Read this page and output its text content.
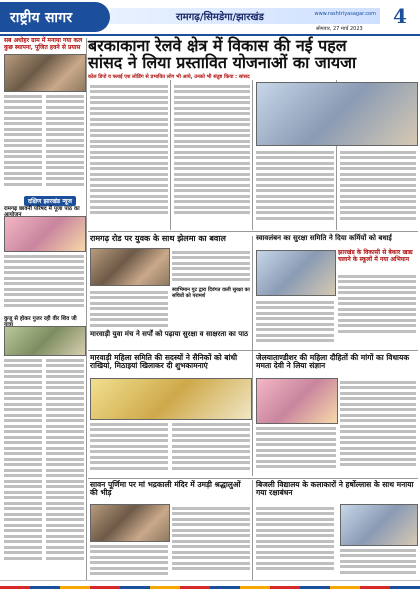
राष्ट्रीय सागर	रामगढ़/सिमडेगा/झारखंड	www.rashtriyasagar.com
सोमवार, 27 मार्च 2023
4
बरकाकाना रेलवे क्षेत्र में विकास की नई पहल
सांसद ने लिया प्रस्तावित योजनाओं का जायजा
कोल डिपो व फ्लाई एश लोडिंग से प्रभावित लोग भी आये, उनको भी संतुष्ट किया : सांसद
सब अधोहर ग्राम में मनाया गया कल कुछ स्थापना, पूजित हवने से प्रयास
दक्षिण झारखंड न्यूज
रामगढ़ छावनी परिषद में पूजा पाठ का
कुजू से होकर गुजर रही वीर शिव जी
रामगढ़ रोड पर युवक के साथ झेलमा का बवाल
स्वाभिमान गुट द्वारा दिवंगत वाली सुरक्षा का सचिवों को परामर्श
मारवाड़ी युवा मंच ने सर्पों को पढ़ाया सुरक्षा व साक्षरता का पाठ
स्वावलंबन का सुरक्षा समिति ने दिया कर्मियों को बधाई
झारखंड के विकासी से बेकार खाद्य चलाने के स्कूलों में नया अभियान
मारवाड़ी महिला समिति की सदस्यों ने सैनिकों को बांधी राखियां, मिठाइयां खिलाकर दी शुभकामनाएं
जेलयाताण्डीशर की महिला दौहितों की मांगों का विधायक ममता देवी ने लिया संज्ञान
सावन पूर्णिमा पर मां भद्रकाली मंदिर में उमड़ी श्रद्धालुओं की भीड़
बिजली विद्यालय के कलाकारों ने हर्षोल्लास के साथ मनाया गया रक्षाबंधन
